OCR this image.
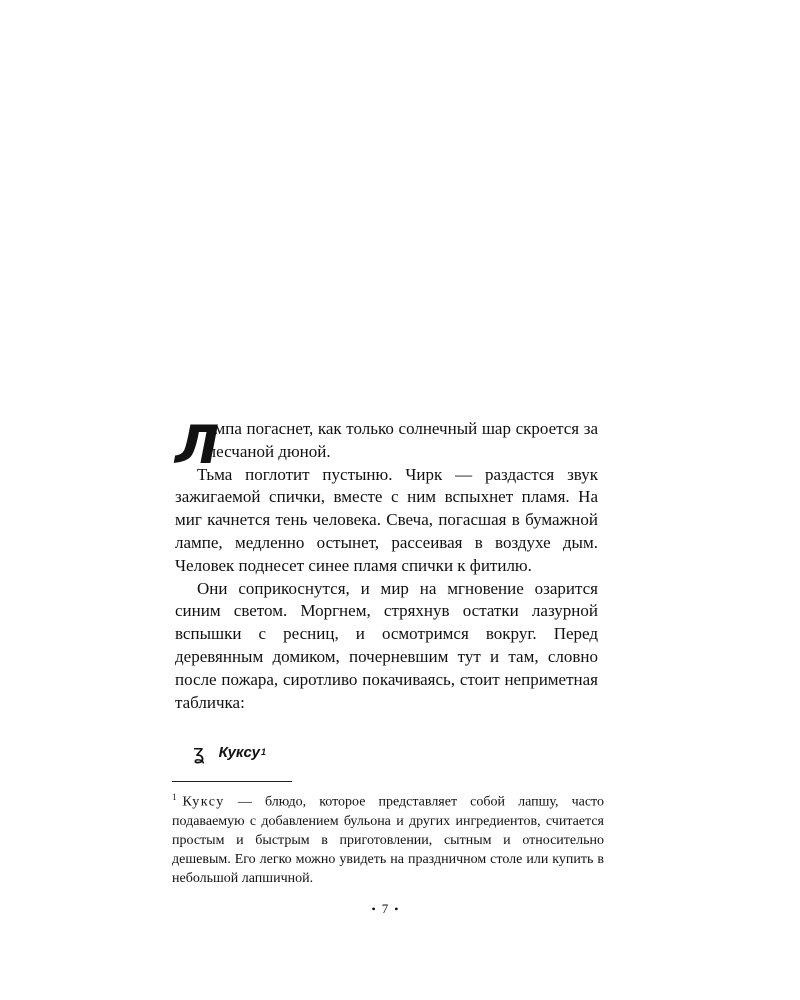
Л
ампа погаснет, как только солнечный шар скроется за песчаной дюной.

Тьма поглотит пустыню. Чирк — раздастся звук зажигаемой спички, вместе с ним вспыхнет пламя. На миг качнется тень человека. Свеча, погасшая в бумажной лампе, медленно остынет, рассеивая в воздухе дым. Человек поднесет синее пламя спички к фитилю.

Они соприкоснутся, и мир на мгновение озарится синим светом. Моргнем, стряхнув остатки лазурной вспышки с ресниц, и осмотримся вокруг. Перед деревянным домиком, почерневшим тут и там, словно после пожара, сиротливо покачиваясь, стоит неприметная табличка:

ʓ Куксу 1

$^1$ Куксу — блюдо, которое представляет собой лапшу, часто подаваемую с добавлением бульона и других ингредиентов, считается простым и быстрым в приготовлении, сытным и относительно дешевым. Его легко можно увидеть на праздничном столе или купить в небольшой лапшичной.

• 7 •
